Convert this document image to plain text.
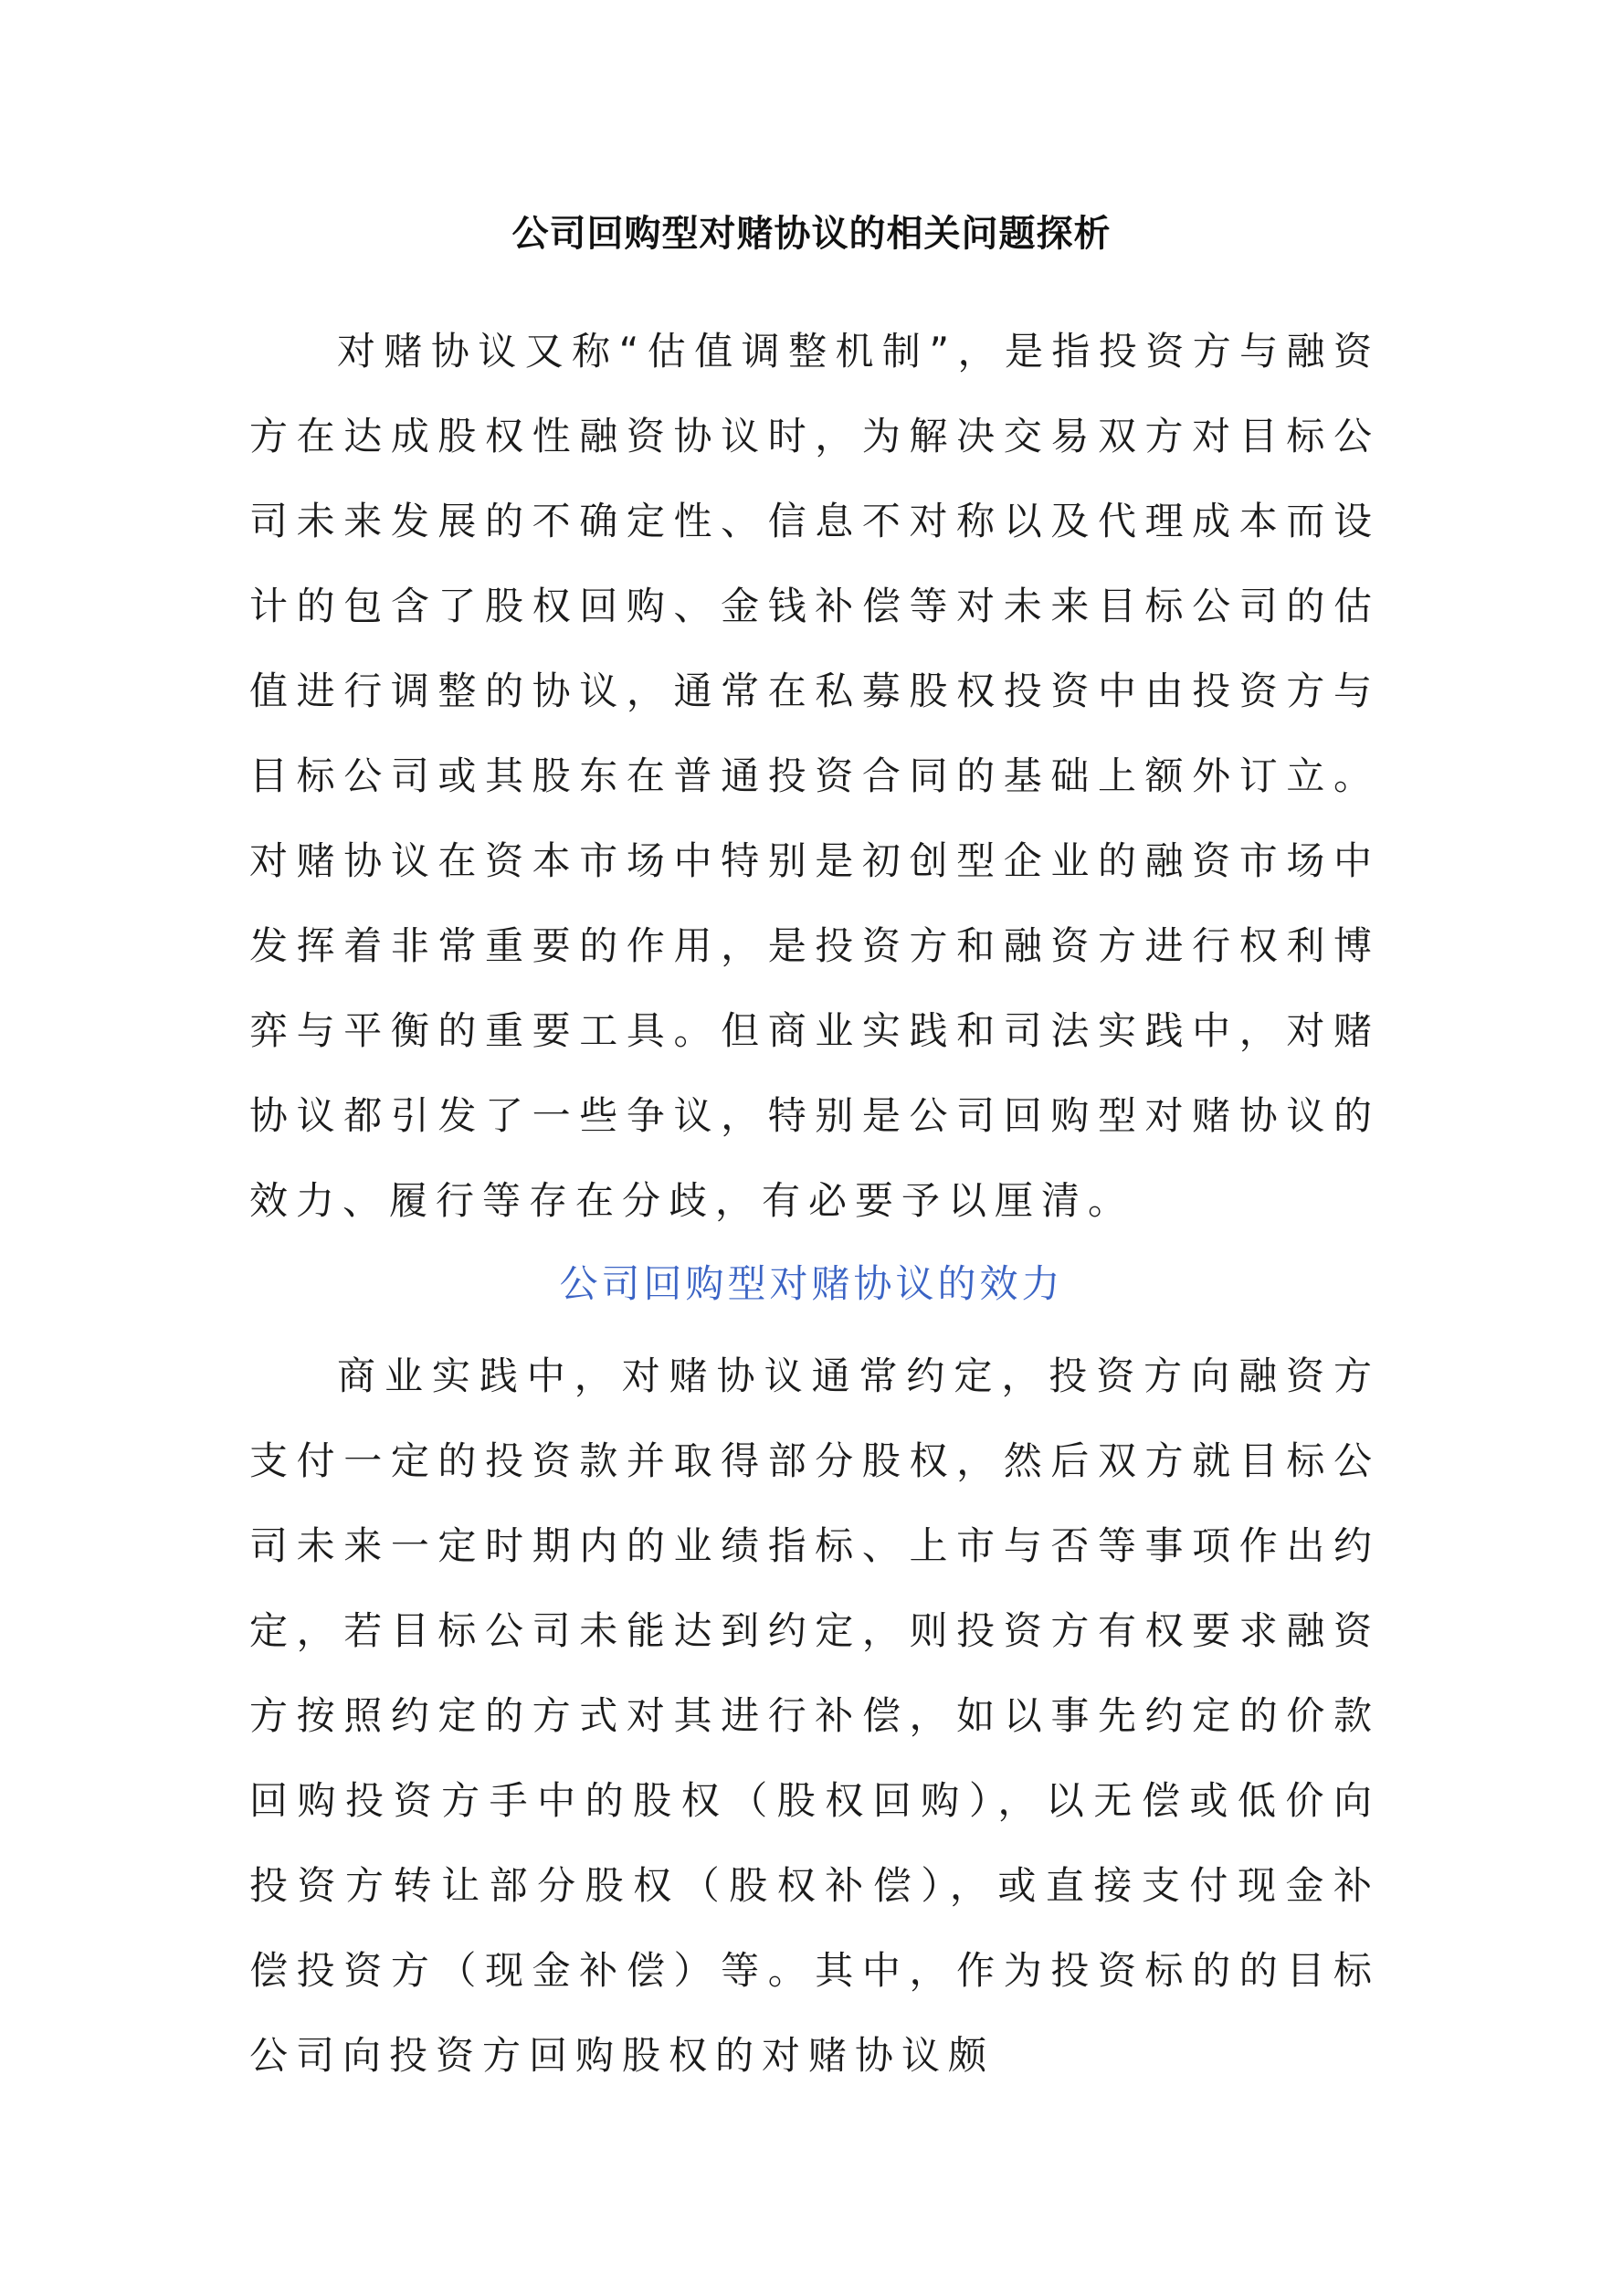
公司回购型对赌协议的相关问题探析

对赌协议又称“估值调整机制”，是指投资方与融资方在达成股权性融资协议时，为解决交易双方对目标公司未来发展的不确定性、信息不对称以及代理成本而设计的包含了股权回购、金钱补偿等对未来目标公司的估值进行调整的协议，通常在私募股权投资中由投资方与目标公司或其股东在普通投资合同的基础上额外订立。对赌协议在资本市场中特别是初创型企业的融资市场中发挥着非常重要的作用，是投资方和融资方进行权利博弈与平衡的重要工具。但商业实践和司法实践中，对赌协议都引发了一些争议，特别是公司回购型对赌协议的效力、履行等存在分歧，有必要予以厘清。

公司回购型对赌协议的效力

商业实践中，对赌协议通常约定，投资方向融资方支付一定的投资款并取得部分股权，然后双方就目标公司未来一定时期内的业绩指标、上市与否等事项作出约定，若目标公司未能达到约定，则投资方有权要求融资方按照约定的方式对其进行补偿，如以事先约定的价款回购投资方手中的股权（股权回购），以无偿或低价向投资方转让部分股权（股权补偿），或直接支付现金补偿投资方（现金补偿）等。其中，作为投资标的的目标公司向投资方回购股权的对赌协议颇
